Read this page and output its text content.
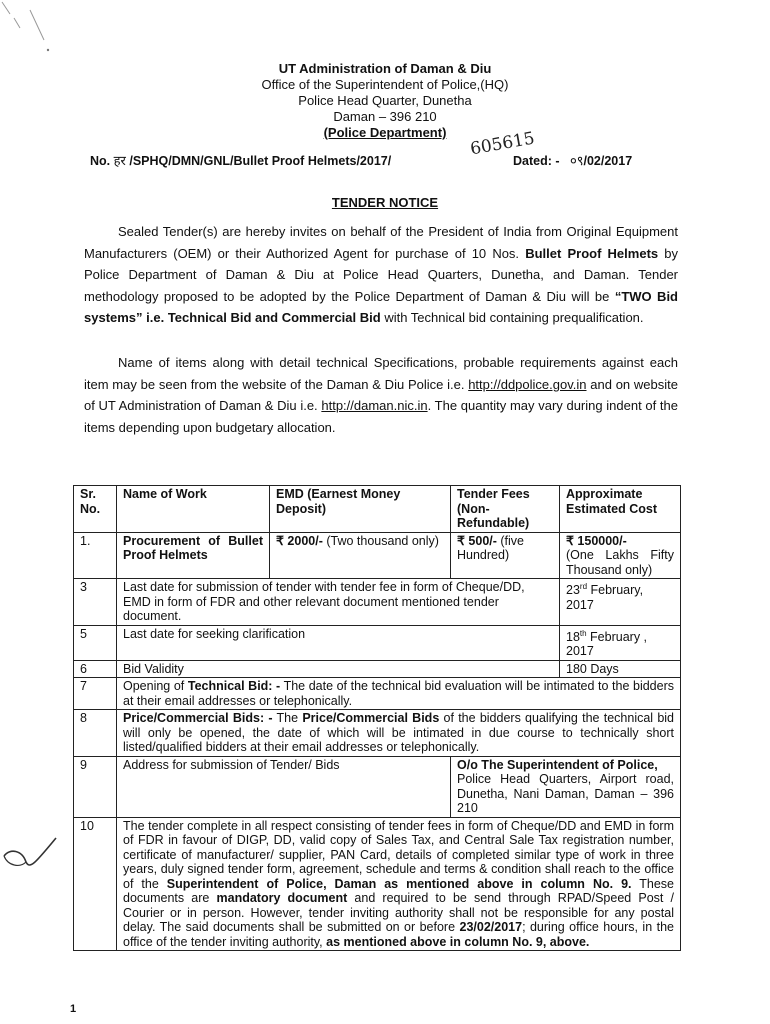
UT Administration of Daman & Diu
Office of the Superintendent of Police,(HQ)
Police Head Quarter, Dunetha
Daman – 396 210
(Police Department)
No. हर /SPHQ/DMN/GNL/Bullet Proof Helmets/2017/
605615
Dated: - ०९/02/2017
TENDER NOTICE
Sealed Tender(s) are hereby invites on behalf of the President of India from Original Equipment Manufacturers (OEM) or their Authorized Agent for purchase of 10 Nos. Bullet Proof Helmets by Police Department of Daman & Diu at Police Head Quarters, Dunetha, and Daman. Tender methodology proposed to be adopted by the Police Department of Daman & Diu will be “TWO Bid systems” i.e. Technical Bid and Commercial Bid with Technical bid containing prequalification.
Name of items along with detail technical Specifications, probable requirements against each item may be seen from the website of the Daman & Diu Police i.e. http://ddpolice.gov.in and on website of UT Administration of Daman & Diu i.e. http://daman.nic.in. The quantity may vary during indent of the items depending upon budgetary allocation.
Sr. No.	Name of Work	EMD (Earnest Money Deposit)	Tender Fees (Non-Refundable)	Approximate Estimated Cost
1.	Procurement of Bullet Proof Helmets	₹ 2000/- (Two thousand only)	₹ 500/- (five Hundred)	₹ 150000/-
(One Lakhs Fifty Thousand only)

3	Last date for submission of tender with tender fee in form of Cheque/DD, EMD in form of FDR and other relevant document mentioned tender document.			23rd February, 2017
5	Last date for seeking clarification			18th February , 2017
6	Bid Validity			180 Days
7	Opening of Technical Bid: - The date of the technical bid evaluation will be intimated to the bidders at their email addresses or telephonically.			
8	Price/Commercial Bids: - The Price/Commercial Bids of the bidders qualifying the technical bid will only be opened, the date of which will be intimated in due course to technically short listed/qualified bidders at their email addresses or telephonically.			
9	Address for submission of Tender/ Bids		O/o The Superintendent of Police,
Police Head Quarters, Airport road, Dunetha, Nani Daman, Daman – 396 210	

10	The tender complete in all respect consisting of tender fees in form of Cheque/DD and EMD in form of FDR in favour of DIGP, DD, valid copy of Sales Tax, and Central Sale Tax registration number, certificate of manufacturer/ supplier, PAN Card, details of completed similar type of work in three years, duly signed tender form, agreement, schedule and terms & condition shall reach to the office of the Superintendent of Police, Daman as mentioned above in column No. 9. These documents are mandatory document and required to be send through RPAD/Speed Post / Courier or in person. However, tender inviting authority shall not be responsible for any postal delay. The said documents shall be submitted on or before 23/02/2017; during office hours, in the office of the tender inviting authority, as mentioned above in column No. 9, above.			
1
